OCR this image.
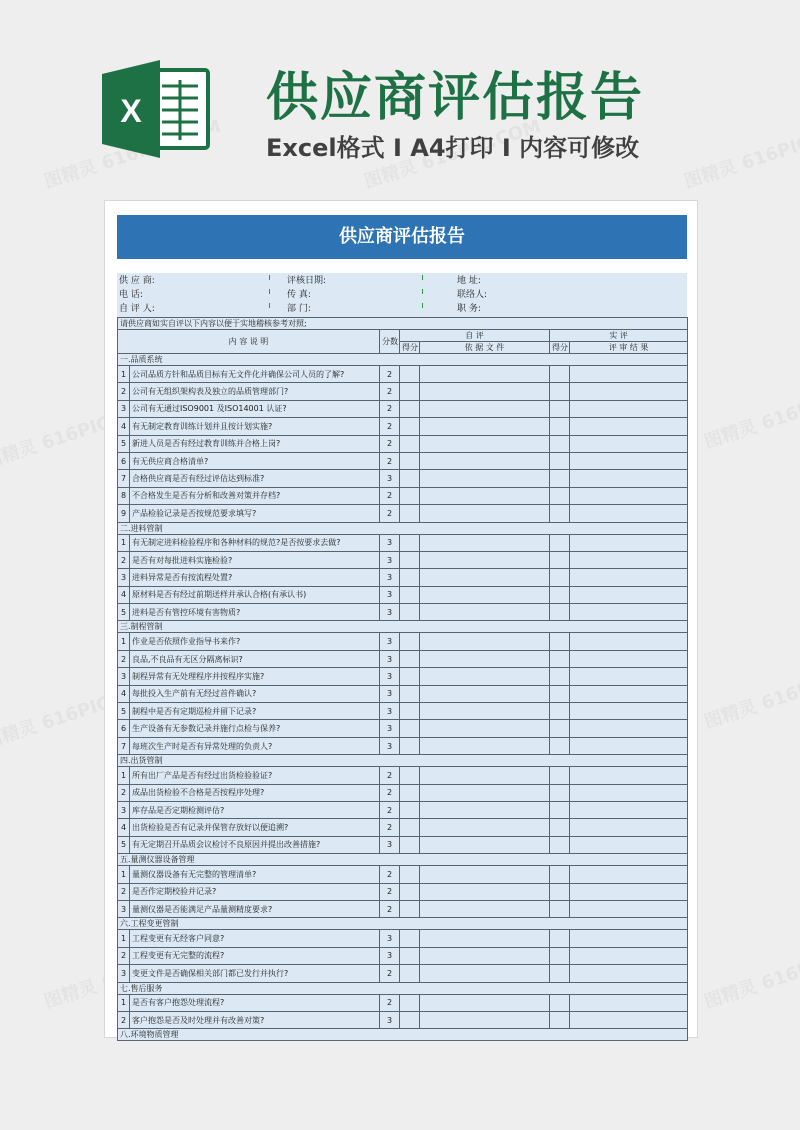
X 供应商评估报告
Excel格式 I A4打印 I 内容可修改
供应商评估报告
供 应 商:	评核日期:	地 址:
电 话:	传 真:	联络人:
自 评 人:	部 门:	职 务:
请供应商如实自评以下内容以便于实地稽核参考对照;						
内 容 说 明		分数	自 评		实 评	
			得分	依 据 文 件	得分	评 审 结 果
一.品质系统						
1	公司品质方针和品质目标有无文件化并确保公司人员的了解?	2				
2	公司有无组织架构表及独立的品质管理部门?	2				
3	公司有无通过ISO9001 及ISO14001 认证?	2				
4	有无制定教育训练计划并且按计划实施?	2				
5	新进人员是否有经过教育训练并合格上岗?	2				
6	有无供应商合格清单?	2				
7	合格供应商是否有经过评估达到标准?	3				
8	不合格发生是否有分析和改善对策并存档?	2				
9	产品检验记录是否按规范要求填写?	2				
二.进料管制						
1	有无制定进料检验程序和各种材料的规范?是否按要求去做?	3				
2	是否有对每批进料实施检验?	3				
3	进料异常是否有按流程处置?	3				
4	原材料是否有经过前期送样并承认合格(有承认书)	3				
5	进料是否有管控环境有害物质?	3				
三.制程管制						
1	作业是否依照作业指导书来作?	3				
2	良品,不良品有无区分隔离标识?	3				
3	制程异常有无处理程序并按程序实施?	3				
4	每批投入生产前有无经过首件确认?	3				
5	制程中是否有定期巡检并留下记录?	3				
6	生产设备有无参数记录并施行点检与保养?	3				
7	每班次生产时是否有异常处理的负责人?	3				
四.出货管制						
1	所有出厂产品是否有经过出货检验验证?	2				
2	成品出货检验不合格是否按程序处理?	2				
3	库存品是否定期检测评估?	2				
4	出货检验是否有记录并保管存放好以便追溯?	2				
5	有无定期召开品质会议检讨不良原因并提出改善措施?	3				
五.量测仪器设备管理						
1	量测仪器设备有无完整的管理清单?	2				
2	是否作定期校验并记录?	2				
3	量测仪器是否能满足产品量测精度要求?	2				
六.工程变更管制						
1	工程变更有无经客户同意?	3				
2	工程变更有无完整的流程?	3				
3	变更文件是否确保相关部门都已发行并执行?	2				
七.售后服务						
1	是否有客户抱怨处理流程?	2				
2	客户抱怨是否及时处理并有改善对策?	3				
八.环境物质管理						
